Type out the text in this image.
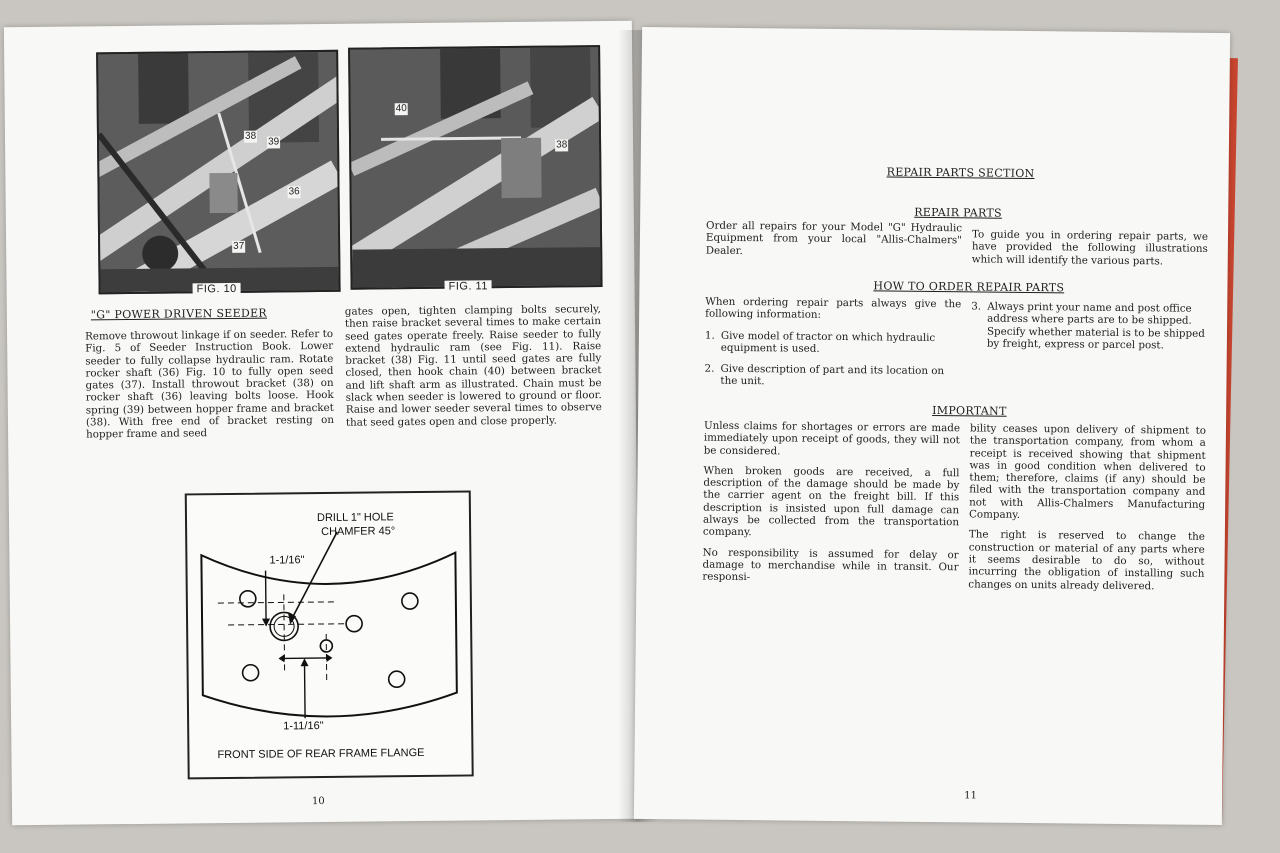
38
39
36
37
FIG. 10
40
38
FIG. 11
"G" POWER DRIVEN SEEDER
Remove throwout linkage if on seeder. Refer to Fig. 5 of Seeder Instruction Book. Lower seeder to fully collapse hydraulic ram. Rotate rocker shaft (36) Fig. 10 to fully open seed gates (37). Install throwout bracket (38) on rocker shaft (36) leaving bolts loose. Hook spring (39) between hopper frame and bracket (38). With free end of bracket resting on hopper frame and seed
gates open, tighten clamping bolts securely, then raise bracket several times to make certain seed gates operate freely. Raise seeder to fully extend hydraulic ram (see Fig. 11). Raise bracket (38) Fig. 11 until seed gates are fully closed, then hook chain (40) between bracket and lift shaft arm as illustrated. Chain must be slack when seeder is lowered to ground or floor. Raise and lower seeder several times to observe that seed gates open and close properly.
DRILL 1" HOLE
CHAMFER 45°
1-1/16"
1-11/16"
FRONT SIDE OF REAR FRAME FLANGE
10
REPAIR PARTS SECTION
REPAIR PARTS
Order all repairs for your Model "G" Hydraulic Equipment from your local "Allis-Chalmers" Dealer.
To guide you in ordering repair parts, we have provided the following illustrations which will identify the various parts.
HOW TO ORDER REPAIR PARTS
When ordering repair parts always give the following information:
1. Give model of tractor on which hydraulic equipment is used.
2. Give description of part and its location on the unit.
3. Always print your name and post office address where parts are to be shipped. Specify whether material is to be shipped by freight, express or parcel post.
IMPORTANT

Unless claims for shortages or errors are made immediately upon receipt of goods, they will not be considered.

When broken goods are received, a full description of the damage should be made by the carrier agent on the freight bill. If this description is insisted upon full damage can always be collected from the transportation company.

No responsibility is assumed for delay or damage to merchandise while in transit. Our responsi-

bility ceases upon delivery of shipment to the transportation company, from whom a receipt is received showing that shipment was in good condition when delivered to them; therefore, claims (if any) should be filed with the transportation company and not with Allis-Chalmers Manufacturing Company.

The right is reserved to change the construction or material of any parts where it seems desirable to do so, without incurring the obligation of installing such changes on units already delivered.

11
